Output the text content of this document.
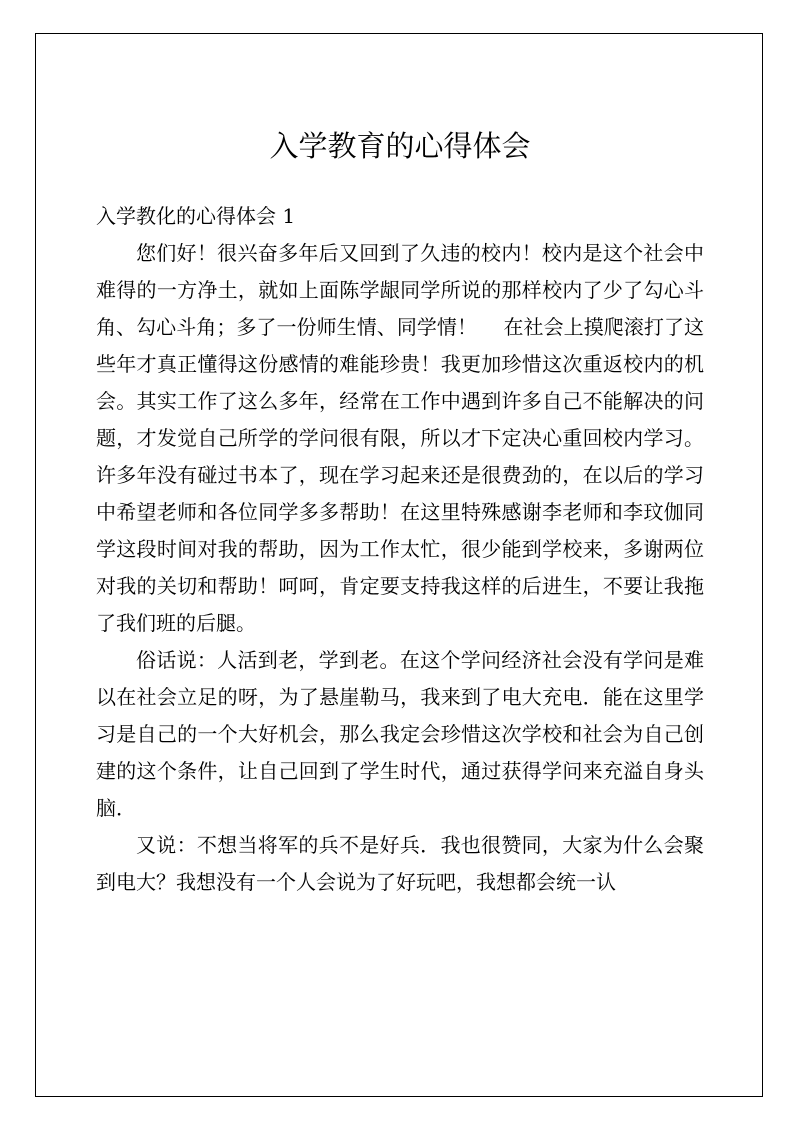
入学教育的心得体会

入学教化的心得体会 1

您们好！很兴奋多年后又回到了久违的校内！校内是这个社会中难得的一方净土，就如上面陈学龈同学所说的那样校内了少了勾心斗角、勾心斗角；多了一份师生情、同学情！　 在社会上摸爬滚打了这些年才真正懂得这份感情的难能珍贵！我更加珍惜这次重返校内的机会。其实工作了这么多年，经常在工作中遇到许多自己不能解决的问题，才发觉自己所学的学问很有限，所以才下定决心重回校内学习。许多年没有碰过书本了，现在学习起来还是很费劲的，在以后的学习中希望老师和各位同学多多帮助！在这里特殊感谢李老师和李玟伽同学这段时间对我的帮助，因为工作太忙，很少能到学校来，多谢两位对我的关切和帮助！呵呵，肯定要支持我这样的后进生，不要让我拖了我们班的后腿。

俗话说：人活到老，学到老。在这个学问经济社会没有学问是难以在社会立足的呀，为了悬崖勒马，我来到了电大充电．能在这里学习是自己的一个大好机会，那么我定会珍惜这次学校和社会为自己创建的这个条件，让自己回到了学生时代，通过获得学问来充溢自身头脑．

又说：不想当将军的兵不是好兵．我也很赞同，大家为什么会聚到电大？我想没有一个人会说为了好玩吧，我想都会统一认
